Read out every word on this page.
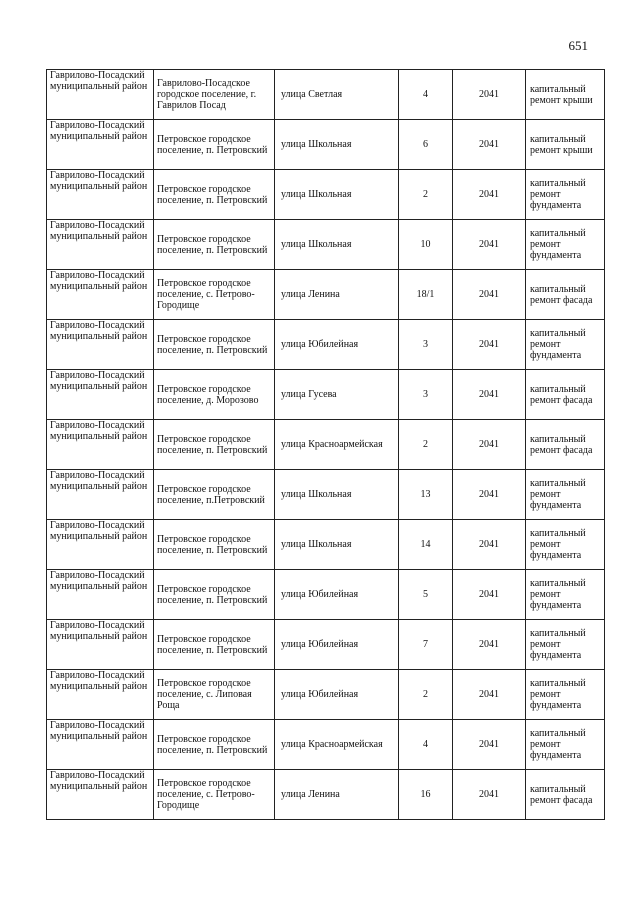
651
Гаврилово-Посадский муниципальный район	Гаврилово-Посадское городское поселение, г. Гаврилов Посад	улица Светлая	4	2041	капитальный ремонт крыши
Гаврилово-Посадский муниципальный район	Петровское городское поселение, п. Петровский	улица Школьная	6	2041	капитальный ремонт крыши
Гаврилово-Посадский муниципальный район	Петровское городское поселение, п. Петровский	улица Школьная	2	2041	капитальный ремонт фундамента
Гаврилово-Посадский муниципальный район	Петровское городское поселение, п. Петровский	улица Школьная	10	2041	капитальный ремонт фундамента
Гаврилово-Посадский муниципальный район	Петровское городское поселение, с. Петрово-Городище	улица Ленина	18/1	2041	капитальный ремонт фасада
Гаврилово-Посадский муниципальный район	Петровское городское поселение, п. Петровский	улица Юбилейная	3	2041	капитальный ремонт фундамента
Гаврилово-Посадский муниципальный район	Петровское городское поселение, д. Морозово	улица Гусева	3	2041	капитальный ремонт фасада
Гаврилово-Посадский муниципальный район	Петровское городское поселение, п. Петровский	улица Красноармейская	2	2041	капитальный ремонт фасада
Гаврилово-Посадский муниципальный район	Петровское городское поселение, п.Петровский	улица Школьная	13	2041	капитальный ремонт фундамента
Гаврилово-Посадский муниципальный район	Петровское городское поселение, п. Петровский	улица Школьная	14	2041	капитальный ремонт фундамента
Гаврилово-Посадский муниципальный район	Петровское городское поселение, п. Петровский	улица Юбилейная	5	2041	капитальный ремонт фундамента
Гаврилово-Посадский муниципальный район	Петровское городское поселение, п. Петровский	улица Юбилейная	7	2041	капитальный ремонт фундамента
Гаврилово-Посадский муниципальный район	Петровское городское поселение, с. Липовая Роща	улица Юбилейная	2	2041	капитальный ремонт фундамента
Гаврилово-Посадский муниципальный район	Петровское городское поселение, п. Петровский	улица Красноармейская	4	2041	капитальный ремонт фундамента
Гаврилово-Посадский муниципальный район	Петровское городское поселение, с. Петрово-Городище	улица Ленина	16	2041	капитальный ремонт фасада
